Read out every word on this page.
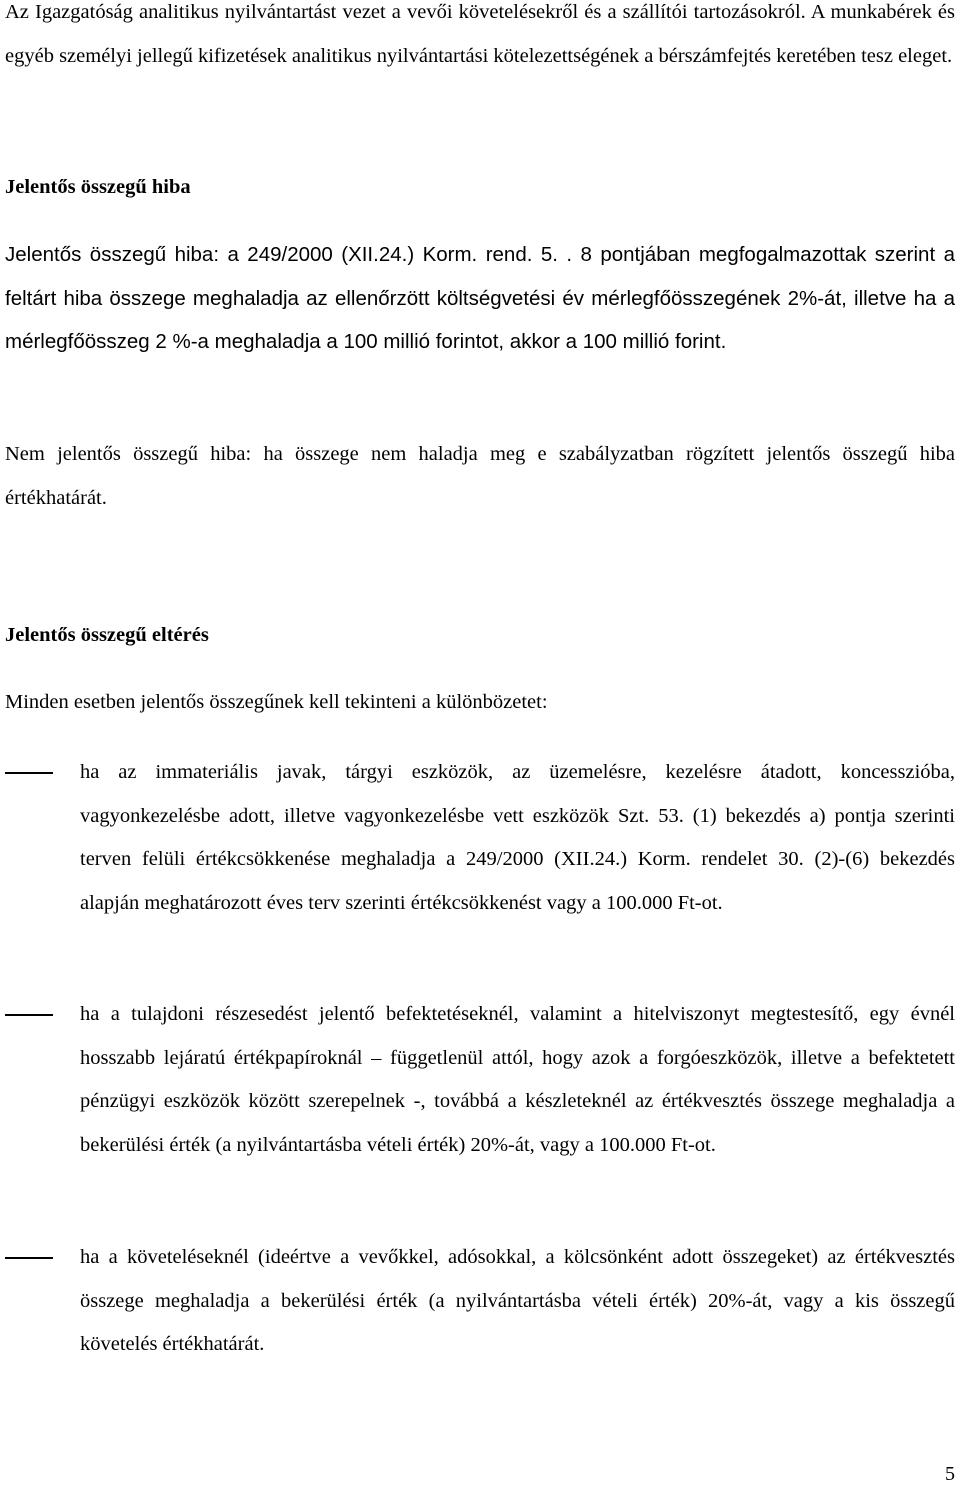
Az Igazgatóság analitikus nyilvántartást vezet a vevői követelésekről és a szállítói tartozásokról. A munkabérek és egyéb személyi jellegű kifizetések analitikus nyilvántartási kötelezettségének a bérszámfejtés keretében tesz eleget.

Jelentős összegű hiba

Jelentős összegű hiba: a 249/2000 (XII.24.) Korm. rend. 5. . 8 pontjában megfogalmazottak szerint a feltárt hiba összege meghaladja az ellenőrzött költségvetési év mérlegfőösszegének 2%-át, illetve ha a mérlegfőösszeg 2 %-a meghaladja a 100 millió forintot, akkor a 100 millió forint.

Nem jelentős összegű hiba: ha összege nem haladja meg e szabályzatban rögzített jelentős összegű hiba értékhatárát.

Jelentős összegű eltérés

Minden esetben jelentős összegűnek kell tekinteni a különbözetet:

ha az immateriális javak, tárgyi eszközök, az üzemelésre, kezelésre átadott, koncesszióba, vagyonkezelésbe adott, illetve vagyonkezelésbe vett eszközök Szt. 53. (1) bekezdés a) pontja szerinti terven felüli értékcsökkenése meghaladja a 249/2000 (XII.24.) Korm. rendelet 30. (2)-(6) bekezdés alapján meghatározott éves terv szerinti értékcsökkenést vagy a 100.000 Ft-ot.

ha a tulajdoni részesedést jelentő befektetéseknél, valamint a hitelviszonyt megtestesítő, egy évnél hosszabb lejáratú értékpapíroknál – függetlenül attól, hogy azok a forgóeszközök, illetve a befektetett pénzügyi eszközök között szerepelnek -, továbbá a készleteknél az értékvesztés összege meghaladja a bekerülési érték (a nyilvántartásba vételi érték) 20%-át, vagy a 100.000 Ft-ot.

ha a követeléseknél (ideértve a vevőkkel, adósokkal, a kölcsönként adott összegeket) az értékvesztés összege meghaladja a bekerülési érték (a nyilvántartásba vételi érték) 20%-át, vagy a kis összegű követelés értékhatárát.

5
